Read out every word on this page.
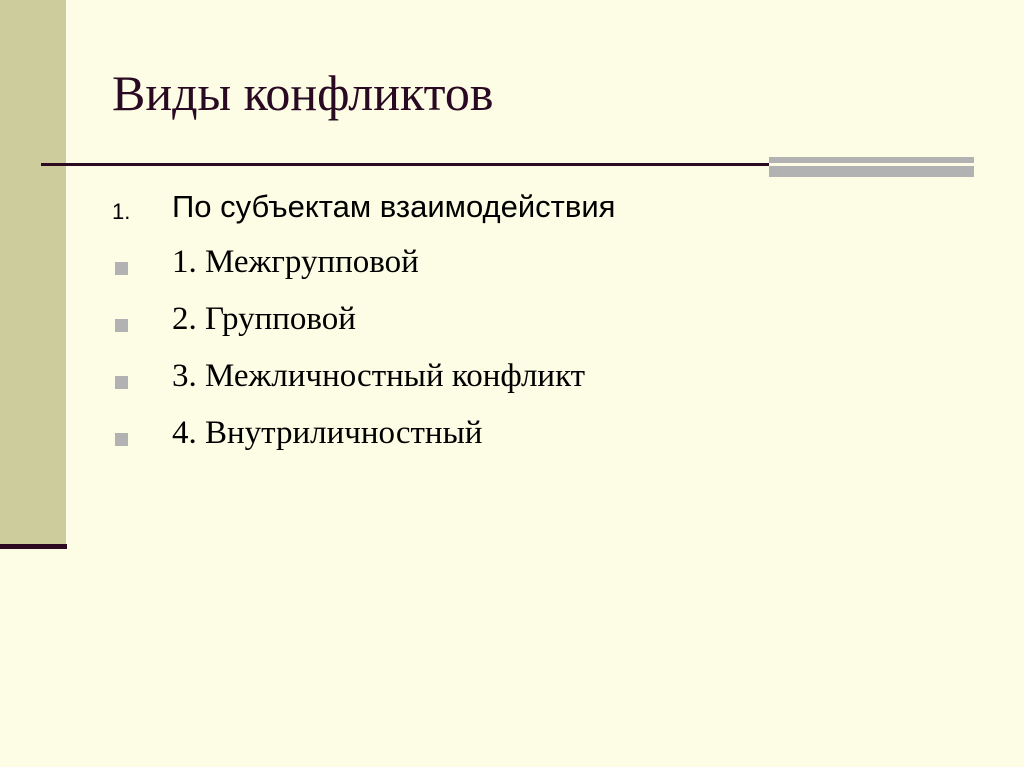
Виды конфликтов
1. По субъектам взаимодействия
1. Межгрупповой
2. Групповой
3. Межличностный конфликт
4. Внутриличностный
